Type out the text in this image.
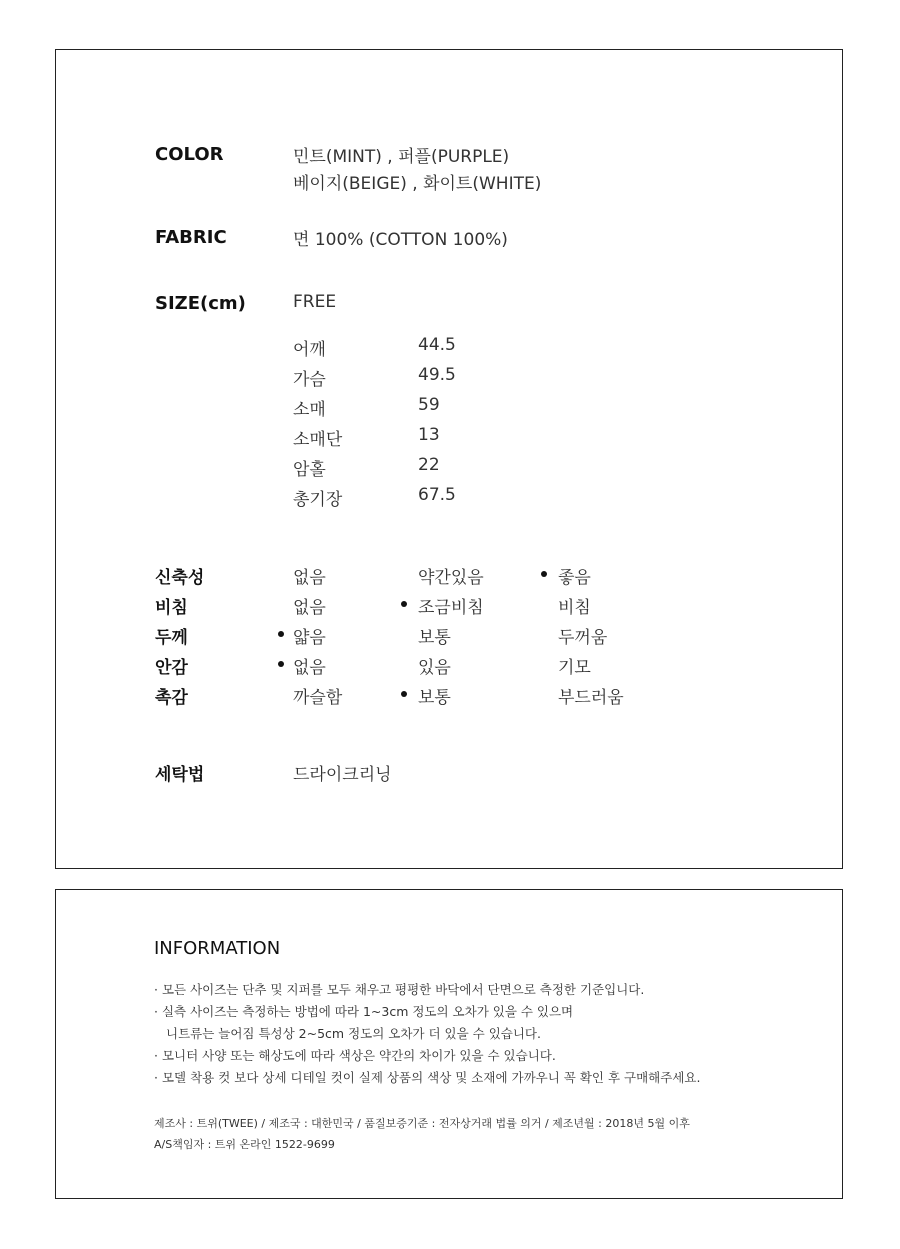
COLOR	민트(MINT) , 퍼플(PURPLE)
베이지(BEIGE) , 화이트(WHITE)
FABRIC	면 100% (COTTON 100%)
SIZE(cm)	FREE
어깨	44.5
가슴	49.5
소매	59
소매단	13
암홀	22
총기장	67.5
신축성	없음	약간있음	좋음
비침	없음	조금비침	비침
두께	얇음	보통	두꺼움
안감	없음	있음	기모
촉감	까슬함	보통	부드러움
세탁법	드라이크리닝
INFORMATION
· 모든 사이즈는 단추 및 지퍼를 모두 채우고 평평한 바닥에서 단면으로 측정한 기준입니다.
· 실측 사이즈는 측정하는 방법에 따라 1~3cm 정도의 오차가 있을 수 있으며
니트류는 늘어짐 특성상 2~5cm 정도의 오차가 더 있을 수 있습니다.
· 모니터 사양 또는 해상도에 따라 색상은 약간의 차이가 있을 수 있습니다.
· 모델 착용 컷 보다 상세 디테일 컷이 실제 상품의 색상 및 소재에 가까우니 꼭 확인 후 구매해주세요.
제조사 : 트위(TWEE) / 제조국 : 대한민국 / 품질보증기준 : 전자상거래 법률 의거 / 제조년월 : 2018년 5월 이후
A/S책임자 : 트위 온라인 1522-9699
